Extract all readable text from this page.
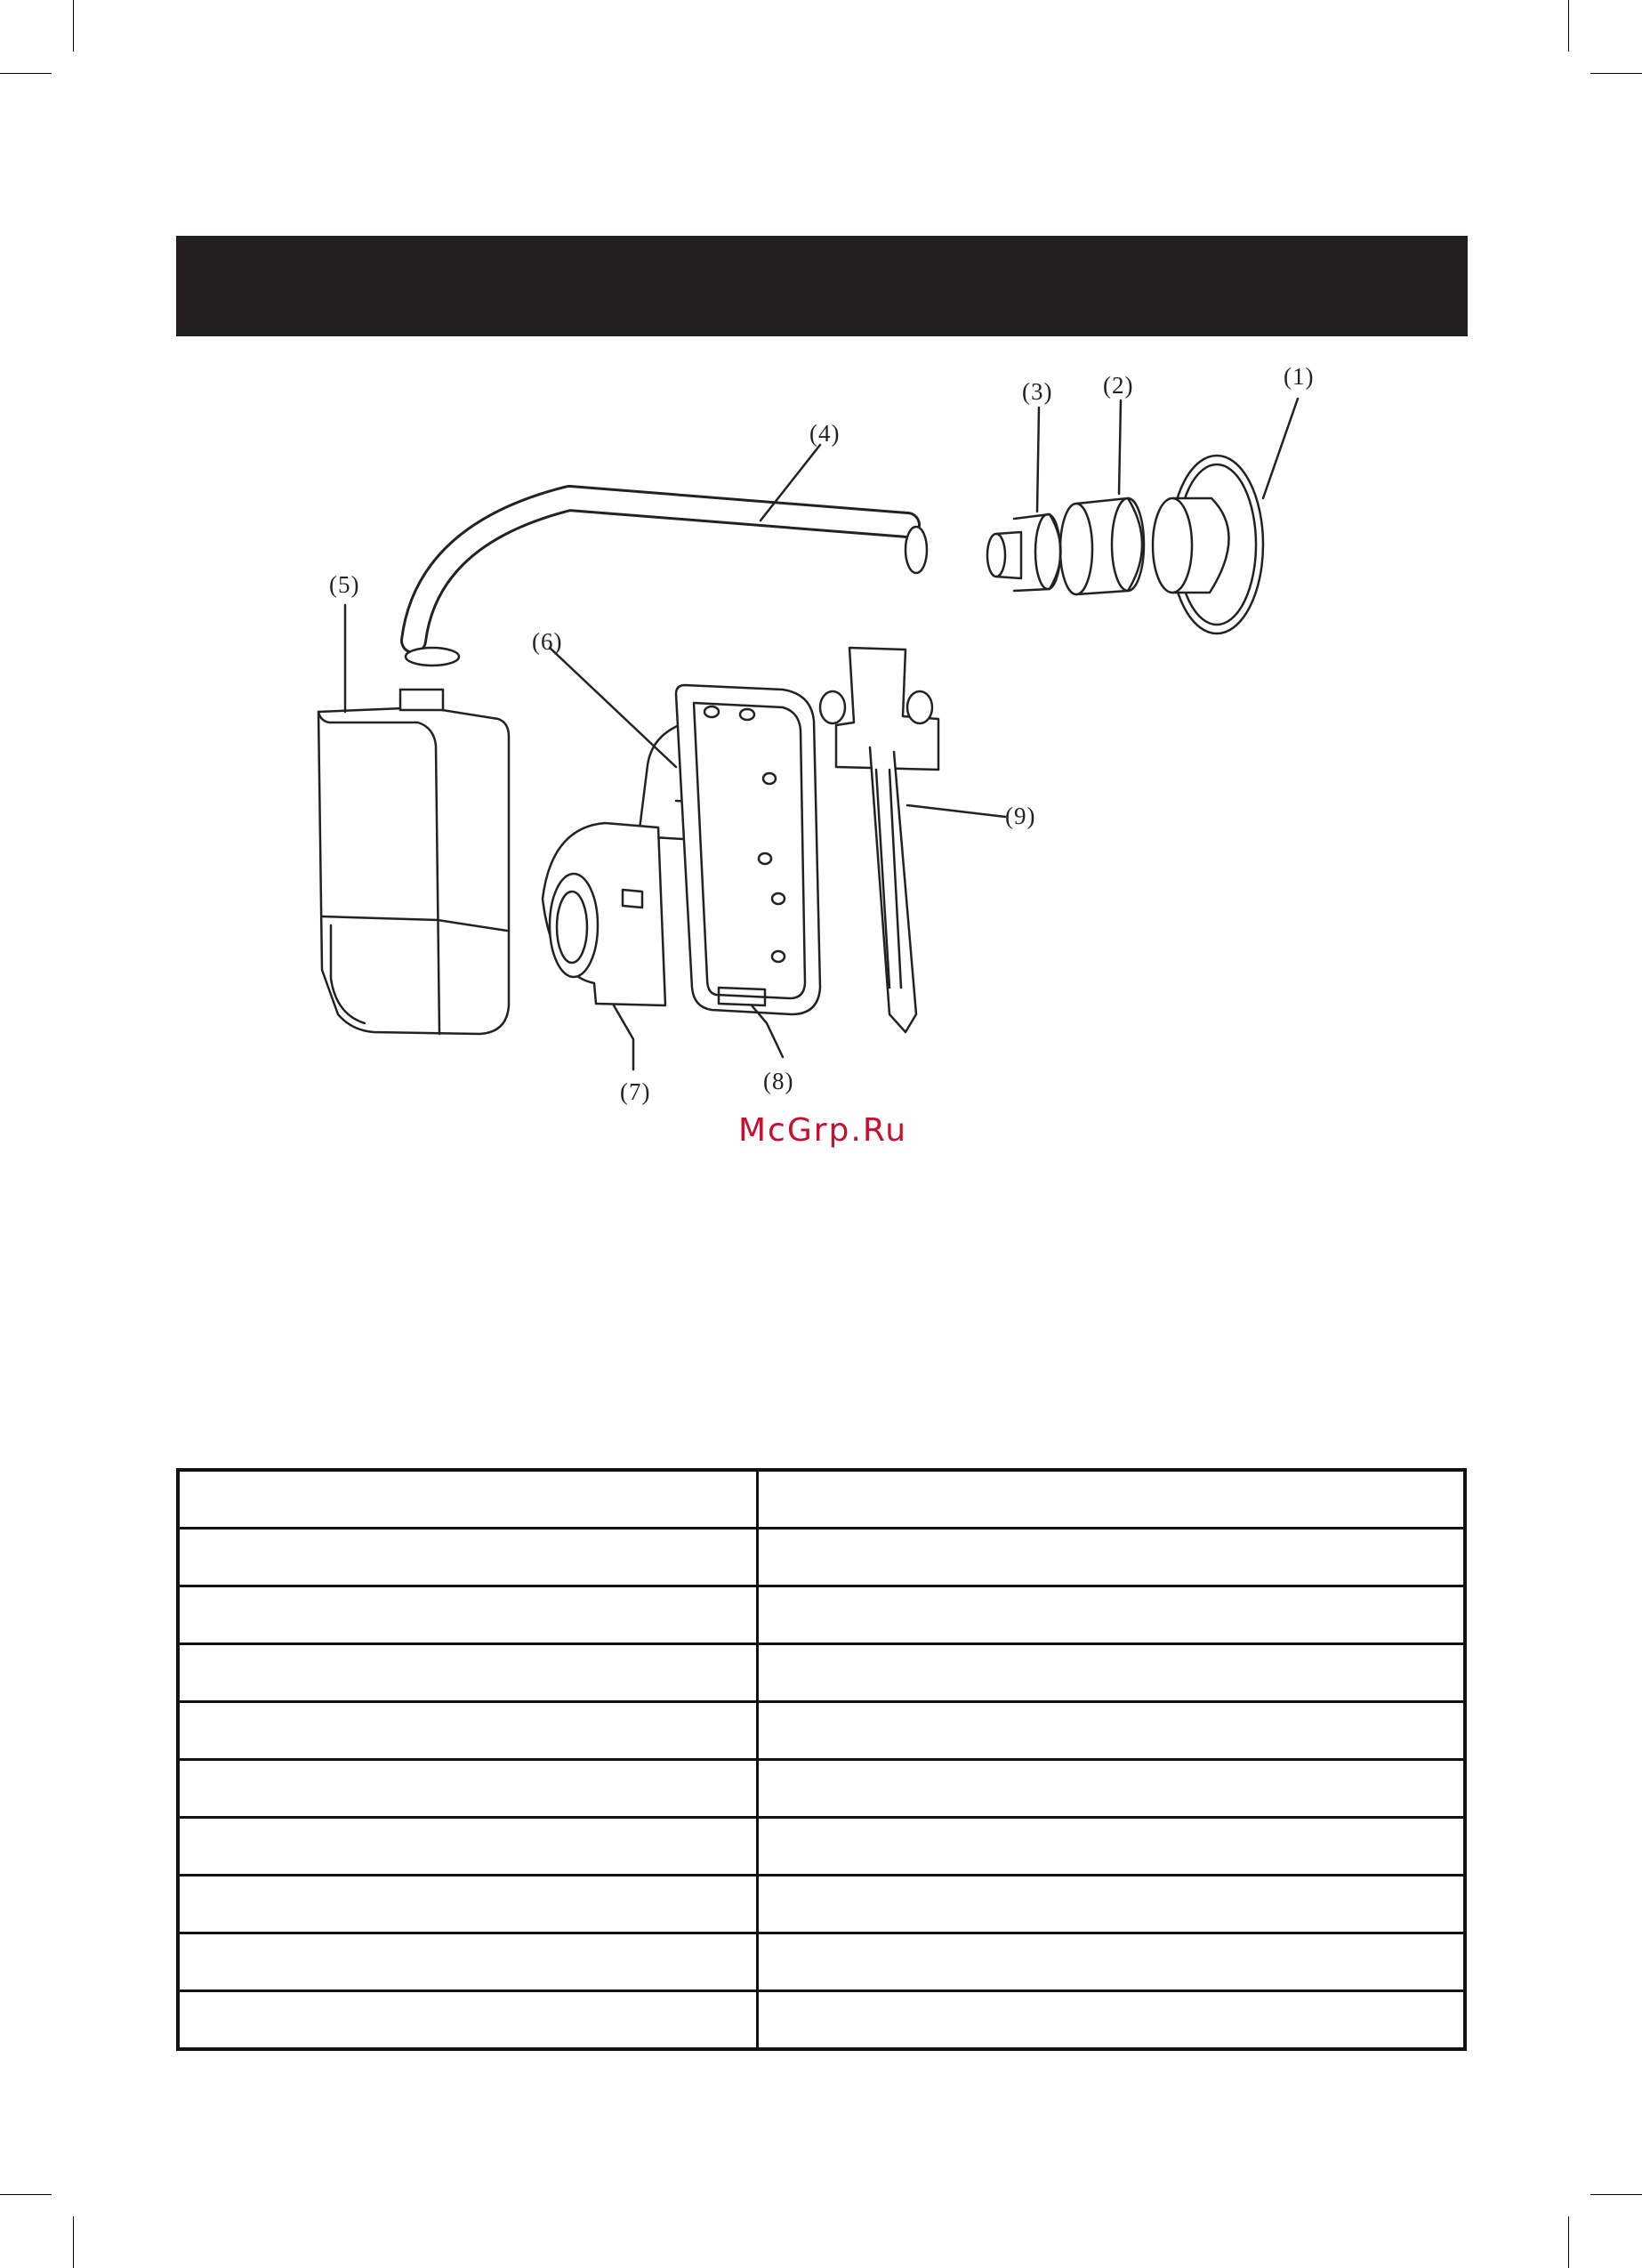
(1)
(2)
(3)
(4)
(5)
(6)
(7)	(8)
(9)
McGrp.Ru
